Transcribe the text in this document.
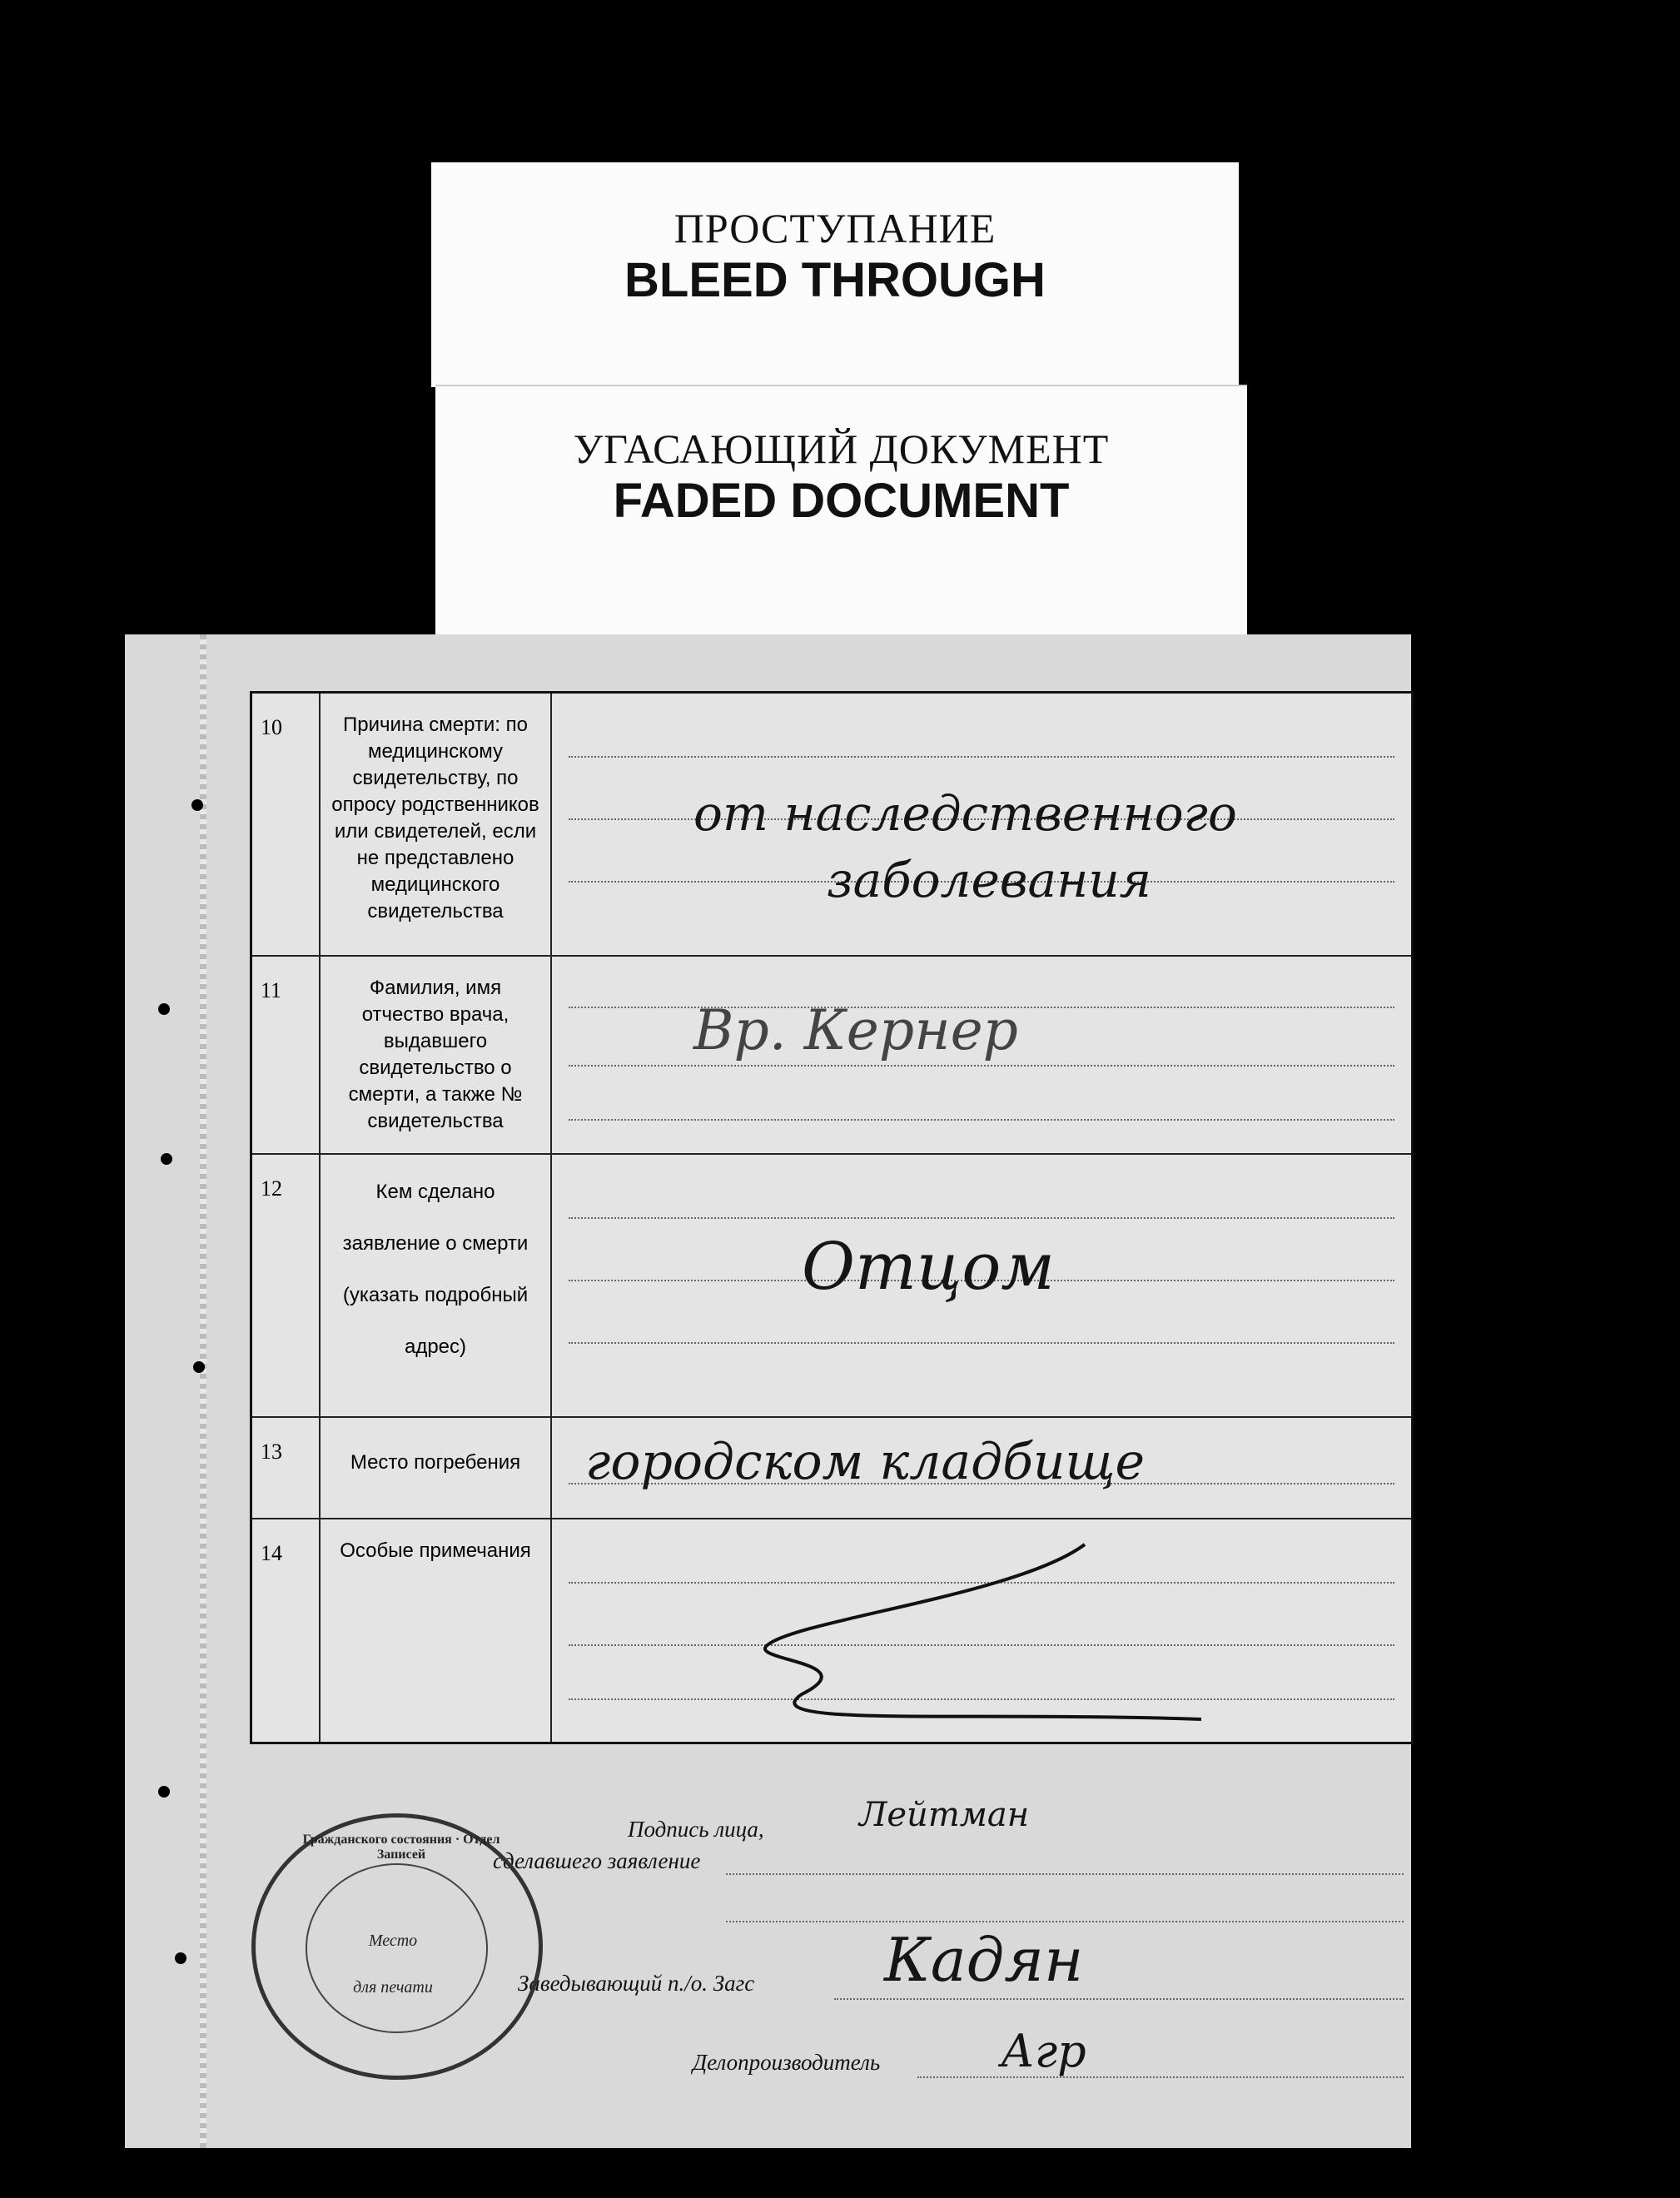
ПРОСТУПАНИЕ
BLEED THROUGH
УГАСАЮЩИЙ ДОКУМЕНТ
FADED DOCUMENT
10	Причина смерти: по медицинскому свидетельству, по опросу родственников или свидетелей, если не представлено медицинского свидетельства	от наследственного
заболевания

11	Фамилия, имя отчество врача, выдавшего свидетельство о смерти, а также № свидетельства	Вр. Кернер

12	Кем сделано заявление о смерти (указать подробный адрес)	Отцом

13	Место погребения	городском кладбище

14	Особые примечания	
Подпись лица,
сделавшего заявление
Лейтман
Заведывающий п./о. Загс Кадян
Делопроизводитель	Агр
Гражданского состояния · Отдел Записей
Место
для печати
